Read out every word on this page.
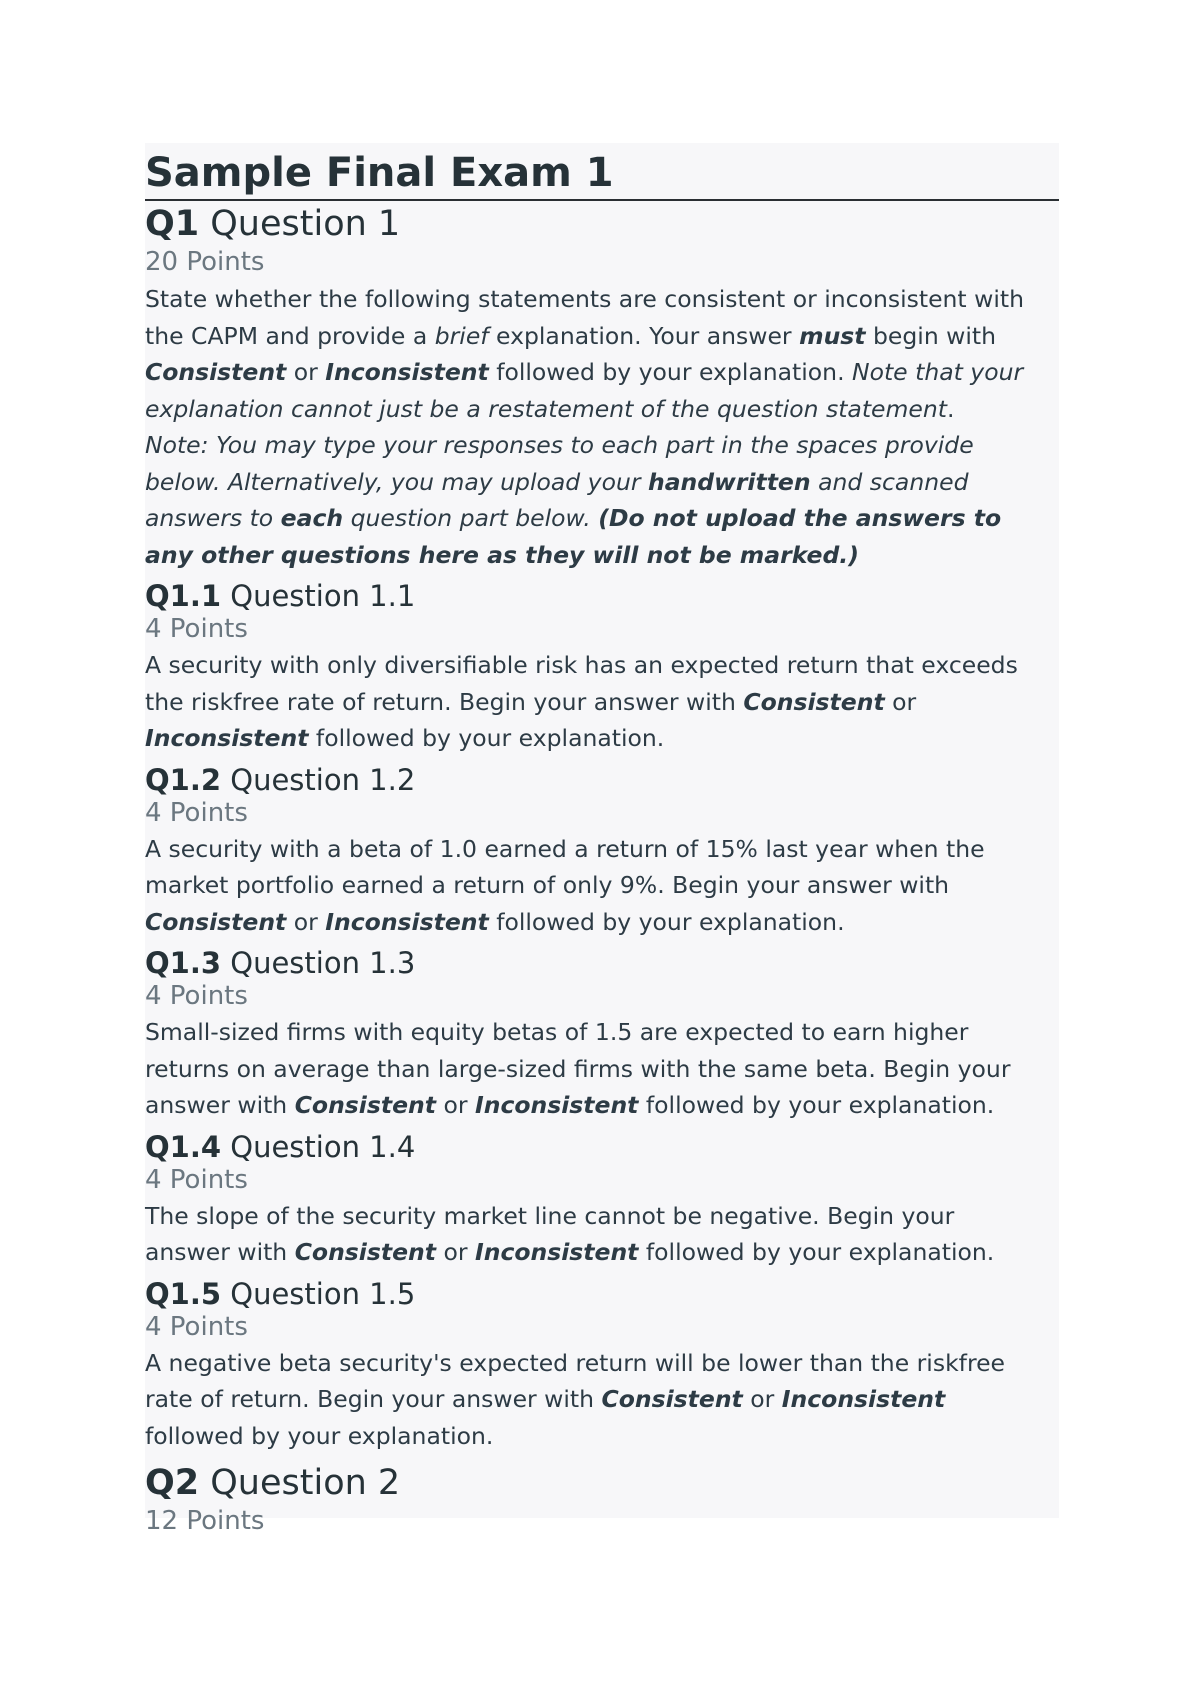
Sample Final Exam 1
Q1 Question 1
20 Points

State whether the following statements are consistent or inconsistent with

the CAPM and provide a brief explanation. Your answer must begin with

Consistent or Inconsistent followed by your explanation. Note that your

explanation cannot just be a restatement of the question statement.

Note: You may type your responses to each part in the spaces provide

below. Alternatively, you may upload your handwritten and scanned

answers to each question part below. (Do not upload the answers to

any other questions here as they will not be marked.)

Q1.1 Question 1.1
4 Points

A security with only diversifiable risk has an expected return that exceeds

the riskfree rate of return. Begin your answer with Consistent or

Inconsistent followed by your explanation.

Q1.2 Question 1.2
4 Points

A security with a beta of 1.0 earned a return of 15% last year when the

market portfolio earned a return of only 9%. Begin your answer with

Consistent or Inconsistent followed by your explanation.

Q1.3 Question 1.3
4 Points

Small-sized firms with equity betas of 1.5 are expected to earn higher

returns on average than large-sized firms with the same beta. Begin your

answer with Consistent or Inconsistent followed by your explanation.

Q1.4 Question 1.4
4 Points

The slope of the security market line cannot be negative. Begin your

answer with Consistent or Inconsistent followed by your explanation.

Q1.5 Question 1.5
4 Points

A negative beta security's expected return will be lower than the riskfree

rate of return. Begin your answer with Consistent or Inconsistent

followed by your explanation.

Q2 Question 2
12 Points
